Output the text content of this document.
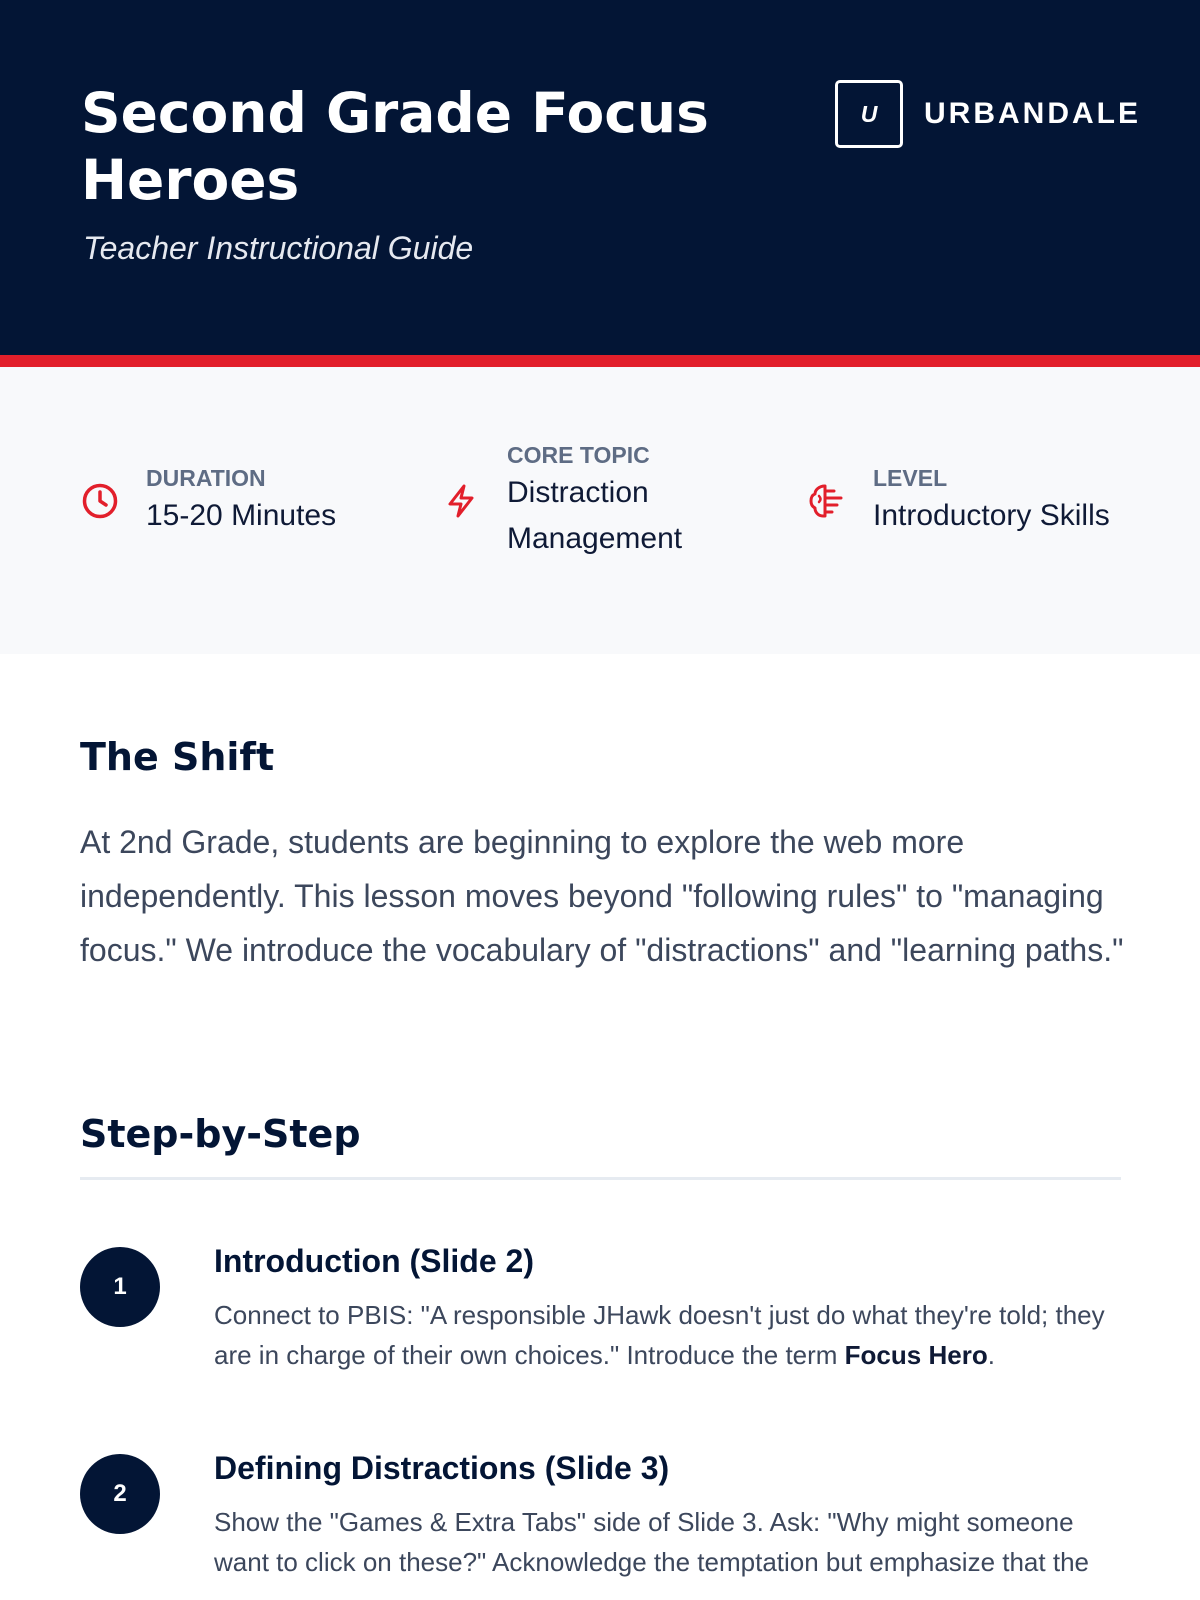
Second Grade Focus Heroes

Teacher Instructional Guide

U	URBANDALE
DURATION
15-20 Minutes
CORE TOPIC
Distraction Management
LEVEL
Introductory Skills
The Shift

At 2nd Grade, students are beginning to explore the web more independently. This lesson moves beyond "following rules" to "managing focus." We introduce the vocabulary of "distractions" and "learning paths."

Step-by-Step
1
Introduction (Slide 2)

Connect to PBIS: "A responsible JHawk doesn't just do what they're told; they are in charge of their own choices." Introduce the term Focus Hero.

2
Defining Distractions (Slide 3)

Show the "Games & Extra Tabs" side of Slide 3. Ask: "Why might someone want to click on these?" Acknowledge the temptation but emphasize that the
